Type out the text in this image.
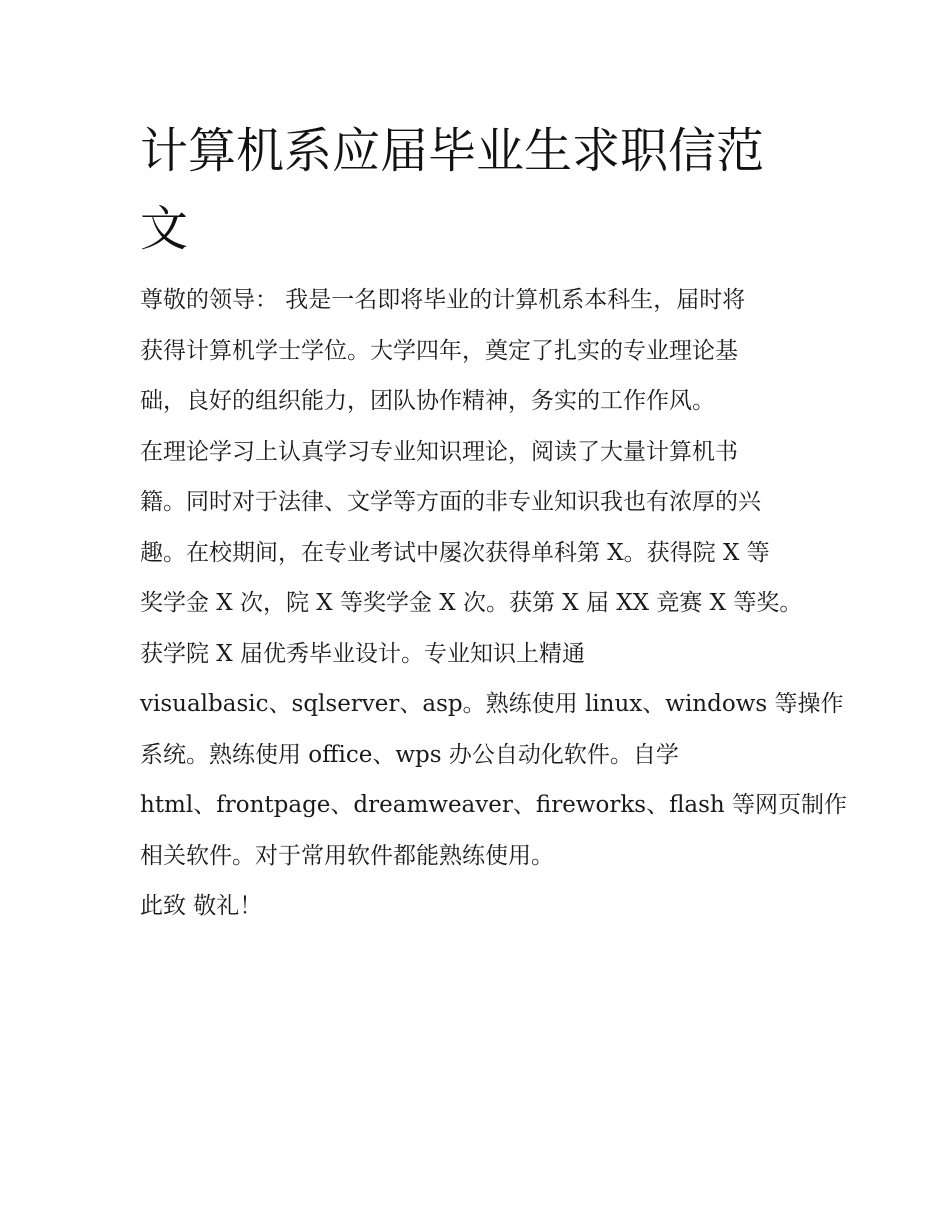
计算机系应届毕业生求职信范
文
尊敬的领导： 我是一名即将毕业的计算机系本科生，届时将
获得计算机学士学位。大学四年，奠定了扎实的专业理论基
础，良好的组织能力，团队协作精神，务实的工作作风。
在理论学习上认真学习专业知识理论，阅读了大量计算机书
籍。同时对于法律、文学等方面的非专业知识我也有浓厚的兴
趣。在校期间，在专业考试中屡次获得单科第 X。获得院 X 等
奖学金 X 次，院 X 等奖学金 X 次。获第 X 届 XX 竞赛 X 等奖。
获学院 X 届优秀毕业设计。专业知识上精通
visualbasic、sqlserver、asp。熟练使用 linux、windows 等操作
系统。熟练使用 office、wps 办公自动化软件。自学
html、frontpage、dreamweaver、fireworks、flash 等网页制作
相关软件。对于常用软件都能熟练使用。
此致 敬礼！
